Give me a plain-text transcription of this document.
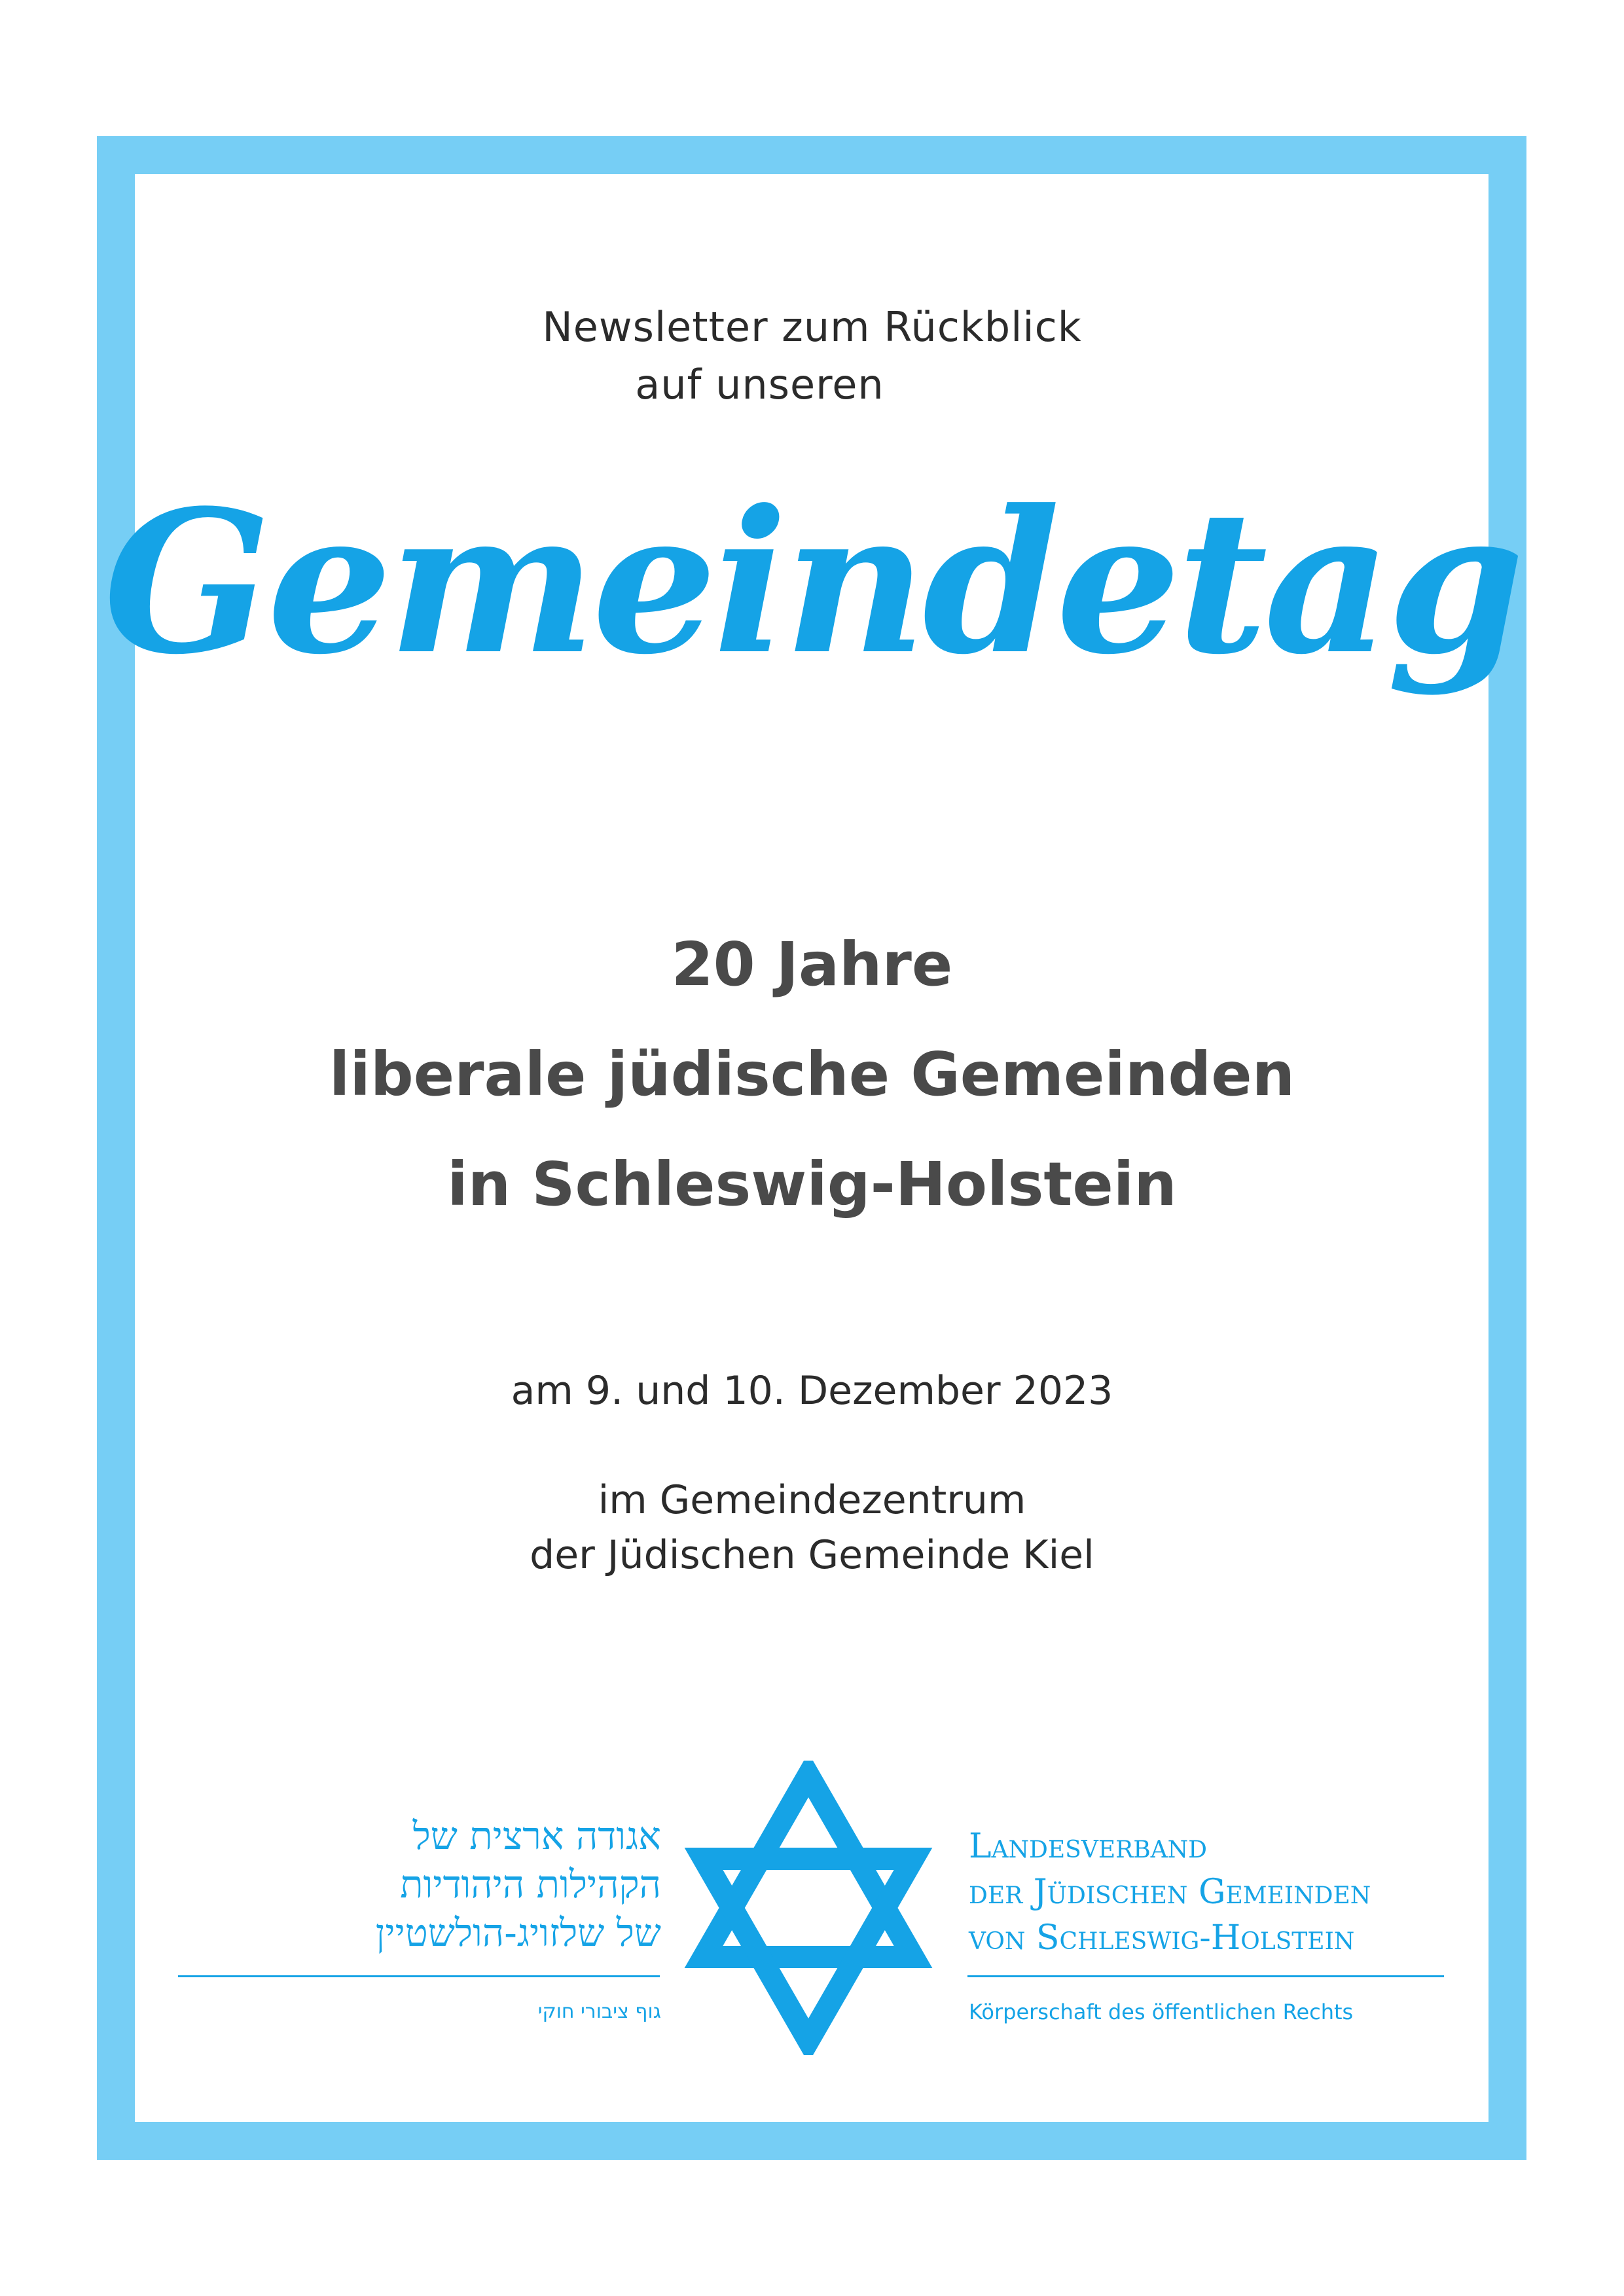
Newsletter zum Rückblick
auf unseren

Gemeindetag
20 Jahre
liberale jüdische Gemeinden
in Schleswig-Holstein

am 9. und 10. Dezember 2023

im Gemeindezentrum
der Jüdischen Gemeinde Kiel

אגודה ארצית של
הקהילות היהודיות
של שלזויג-הולשטיין
גוף ציבורי חוקי
Landesverband
der Jüdischen Gemeinden
von Schleswig-Holstein
Körperschaft des öffentlichen Rechts
